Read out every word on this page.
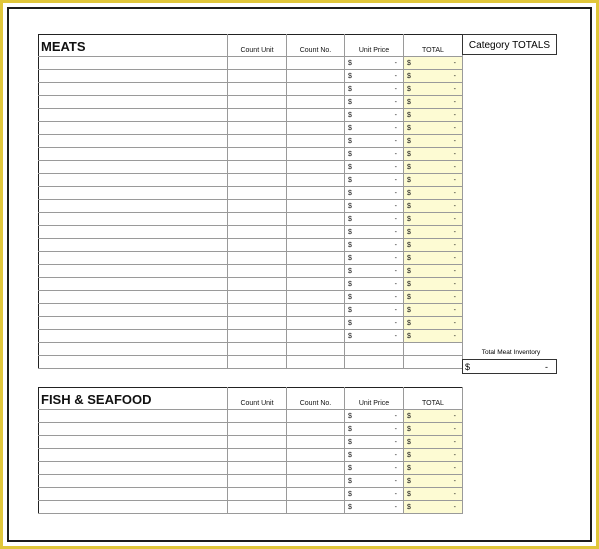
MEATS	Count Unit	Count No.	Unit Price	TOTAL

			$ -	$ -

			$ -	$ -

			$ -	$ -

			$ -	$ -

			$ -	$ -

			$ -	$ -

			$ -	$ -

			$ -	$ -

			$ -	$ -

			$ -	$ -

			$ -	$ -

			$ -	$ -

			$ -	$ -

			$ -	$ -

			$ -	$ -

			$ -	$ -

			$ -	$ -

			$ -	$ -

			$ -	$ -

			$ -	$ -

			$ -	$ -

			$ -	$ -

Category TOTALS
Total Meat Inventory
$	-
FISH & SEAFOOD	Count Unit	Count No.	Unit Price	TOTAL

			$ -	$ -

			$ -	$ -

			$ -	$ -

			$ -	$ -

			$ -	$ -

			$ -	$ -

			$ -	$ -

			$ -	$ -
